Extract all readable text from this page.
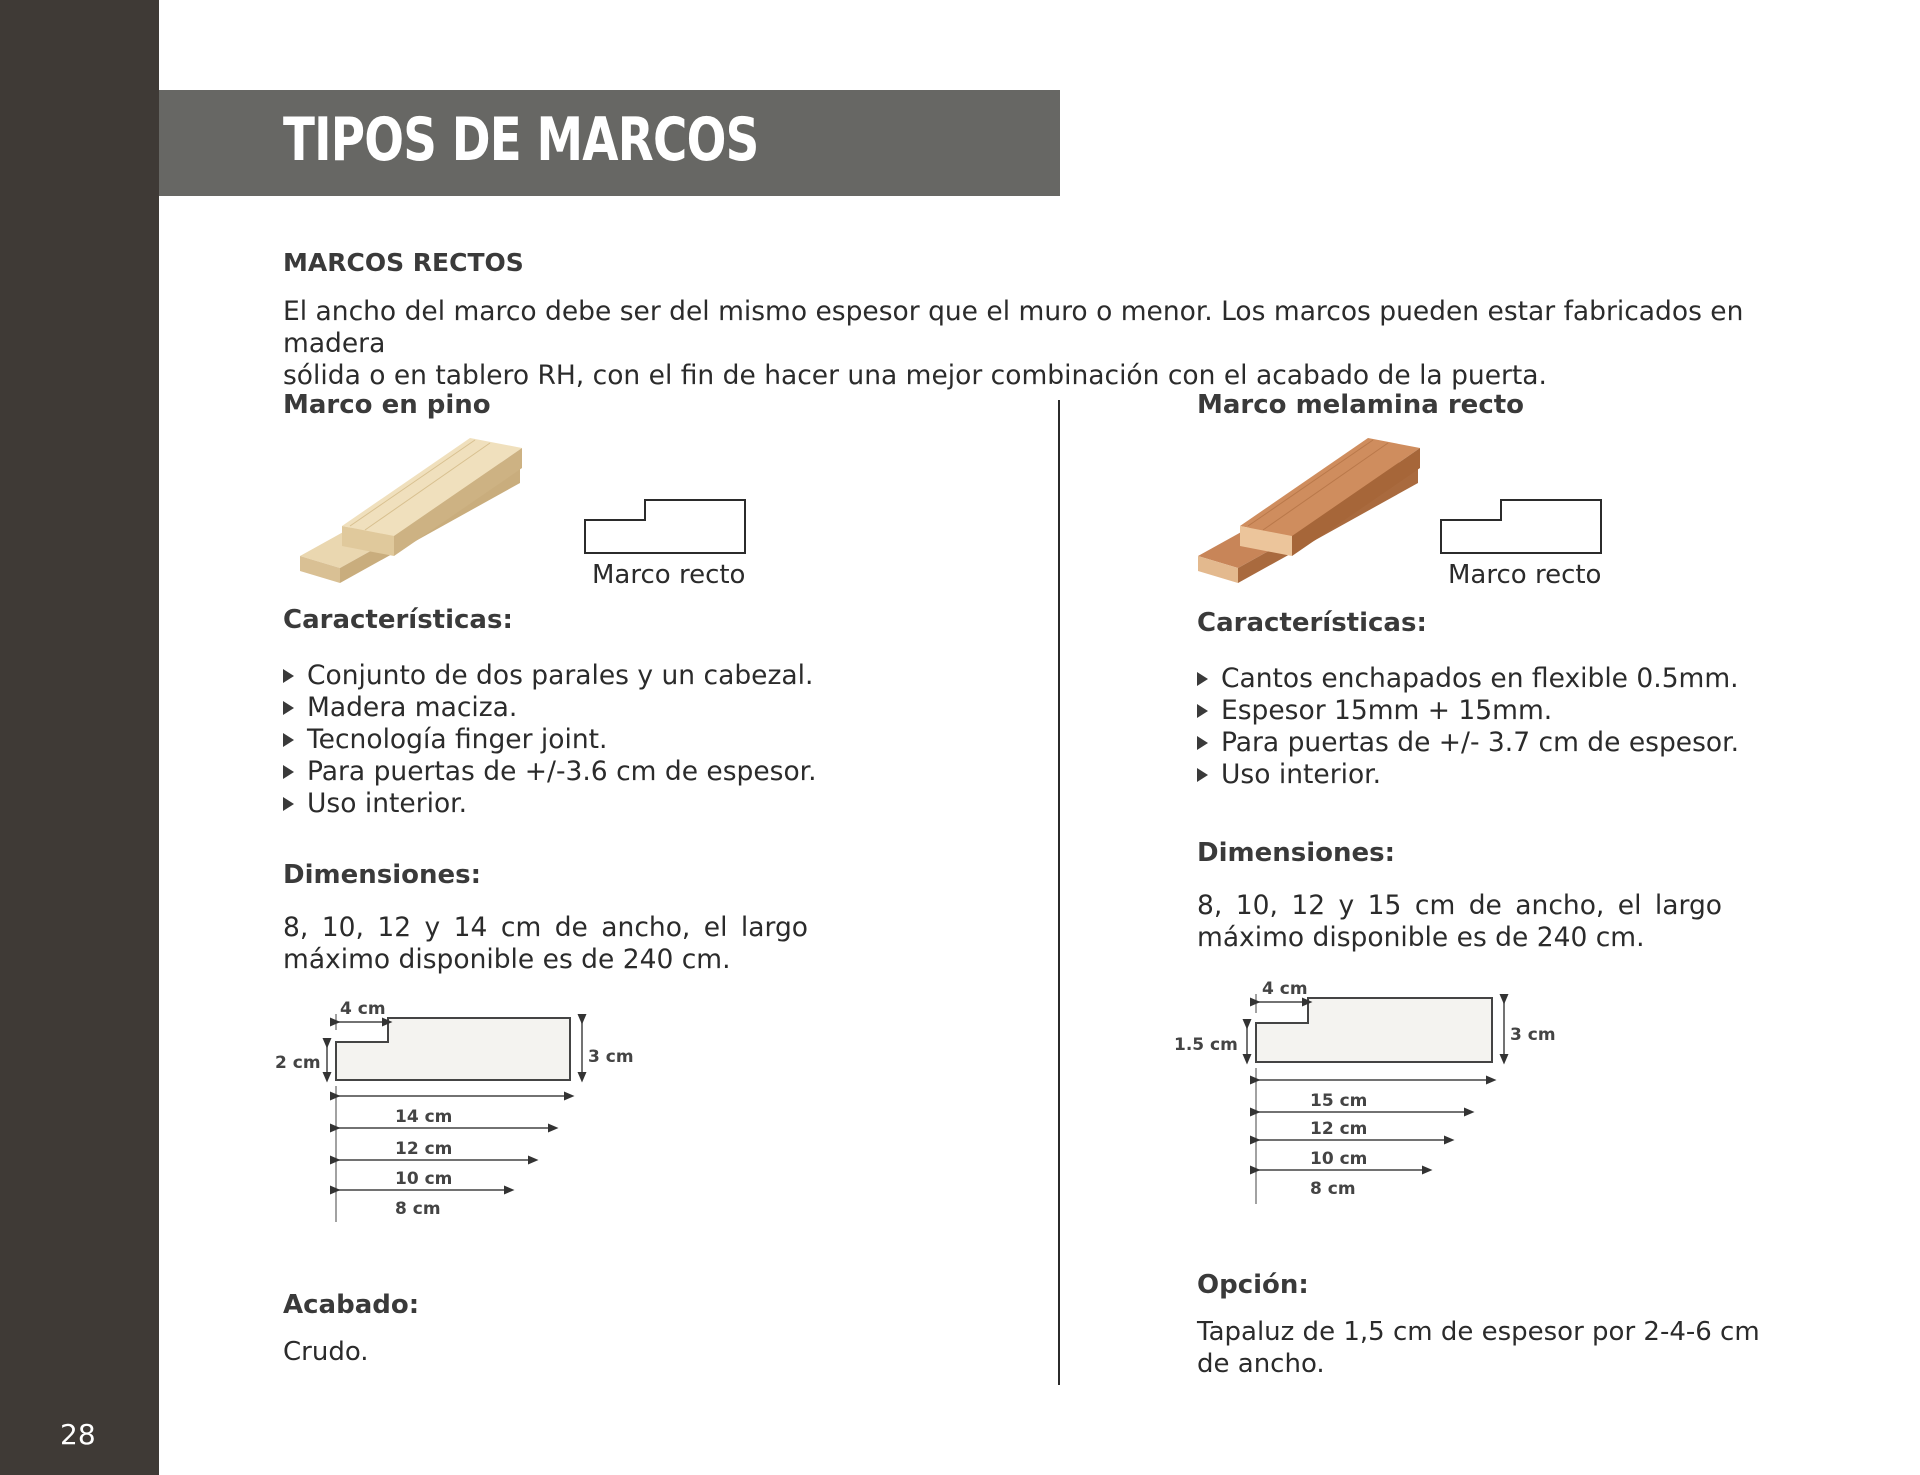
28
TIPOS DE MARCOS
MARCOS RECTOS
El ancho del marco debe ser del mismo espesor que el muro o menor. Los marcos pueden estar fabricados en madera
sólida o en tablero RH, con el fin de hacer una mejor combinación con el acabado de la puerta.
Marco en pino
Marco recto
Características:
Conjunto de dos parales y un cabezal.
Madera maciza.
Tecnología finger joint.
Para puertas de +/-3.6 cm de espesor.
Uso interior.
Dimensiones:
8, 10, 12 y 14 cm de ancho, el largo
máximo disponible es de 240 cm.
4 cm
2 cm	3 cm
14 cm
12 cm
10 cm
8 cm
Acabado:
Crudo.
Marco melamina recto
Marco recto
Características:
Cantos enchapados en flexible 0.5mm.
Espesor 15mm + 15mm.
Para puertas de +/- 3.7 cm de espesor.
Uso interior.
Dimensiones:
8, 10, 12 y 15 cm de ancho, el largo
máximo disponible es de 240 cm.
4 cm
1.5 cm	3 cm
15 cm
12 cm
10 cm
8 cm
Opción:
Tapaluz de 1,5 cm de espesor por 2-4-6 cm
de ancho.
